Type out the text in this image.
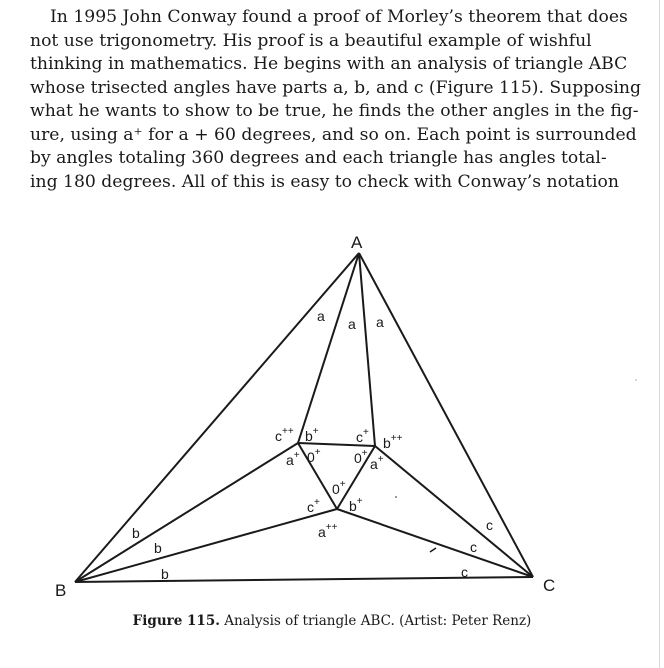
In 1995 John Conway found a proof of Morley’s theorem that does
not use trigonometry. His proof is a beautiful example of wishful
thinking in mathematics. He begins with an analysis of triangle ABC
whose trisected angles have parts a, b, and c (Figure 115). Supposing
what he wants to show to be true, he finds the other angles in the fig-
ure, using a⁺ for a + 60 degrees, and so on. Each point is surrounded
by angles totaling 360 degrees and each triangle has angles total-
ing 180 degrees. All of this is easy to check with Conway’s notation
A
B	C
a a a
b
b
b
c
c
c
c++ b+
a+ 0+
c+
b++
0+
a+
0+
c+ b+
a++
Figure 115. Analysis of triangle ABC. (Artist: Peter Renz)
